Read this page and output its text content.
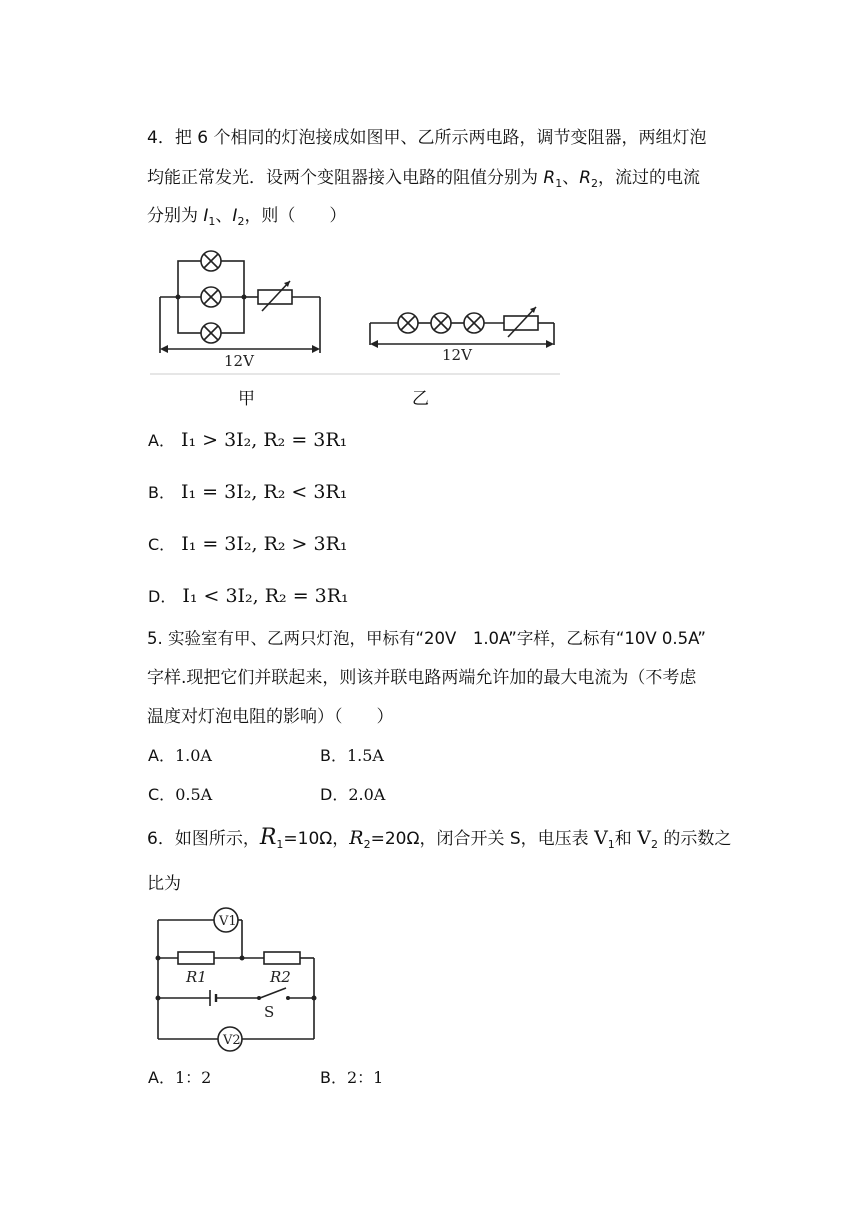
4．把 6 个相同的灯泡接成如图甲、乙所示两电路，调节变阻器，两组灯泡
均能正常发光．设两个变阻器接入电路的阻值分别为 $R_1$、$R_2$，流过的电流
分别为 $I_1$、$I_2$，则（　　）
12V	12V
甲	乙
A． I₁ > 3I₂, R₂ = 3R₁
B． I₁ = 3I₂, R₂ < 3R₁
C． I₁ = 3I₂, R₂ > 3R₁
D． I₁ < 3I₂, R₂ = 3R₁
5. 实验室有甲、乙两只灯泡，甲标有“20V　1.0A”字样，乙标有“10V 0.5A”
字样.现把它们并联起来，则该并联电路两端允许加的最大电流为（不考虑
温度对灯泡电阻的影响）（　　）
A．1.0A	B．1.5A
C．0.5A	D．2.0A
6．如图所示，$R_1=10\Omega$，$R_2=20\Omega$，闭合开关 S，电压表 $V_1$和 $V_2$ 的示数之
比为
V1
V2
R1	R2
S
A．1：2	B．2：1
